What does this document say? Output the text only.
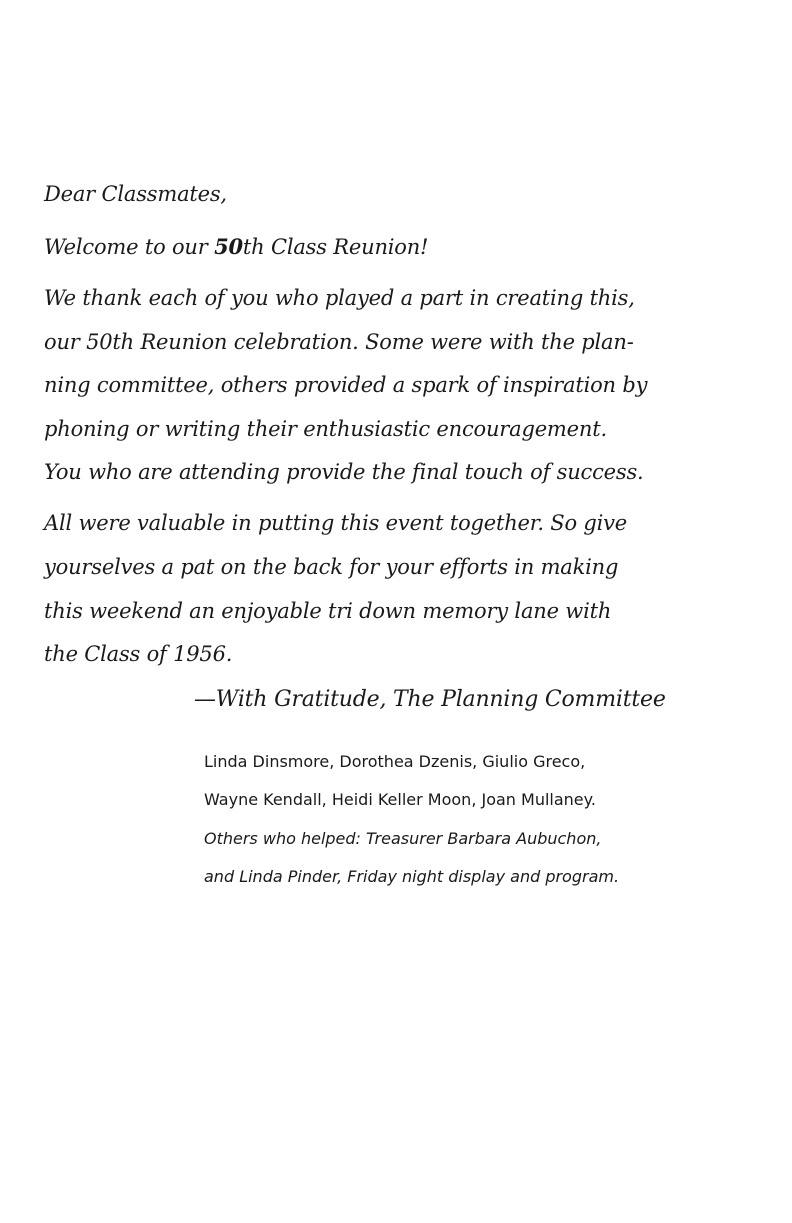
Dear Classmates,
Welcome to our 50th Class Reunion!
We thank each of you who played a part in creating this,
our 50th Reunion celebration. Some were with the plan-
ning committee, others provided a spark of inspiration by
phoning or writing their enthusiastic encouragement.
You who are attending provide the final touch of success.
All were valuable in putting this event together. So give
yourselves a pat on the back for your efforts in making
this weekend an enjoyable tri down memory lane with
the Class of 1956.
—With Gratitude, The Planning Committee
Linda Dinsmore, Dorothea Dzenis, Giulio Greco,
Wayne Kendall, Heidi Keller Moon, Joan Mullaney.
Others who helped: Treasurer Barbara Aubuchon,
and Linda Pinder, Friday night display and program.
